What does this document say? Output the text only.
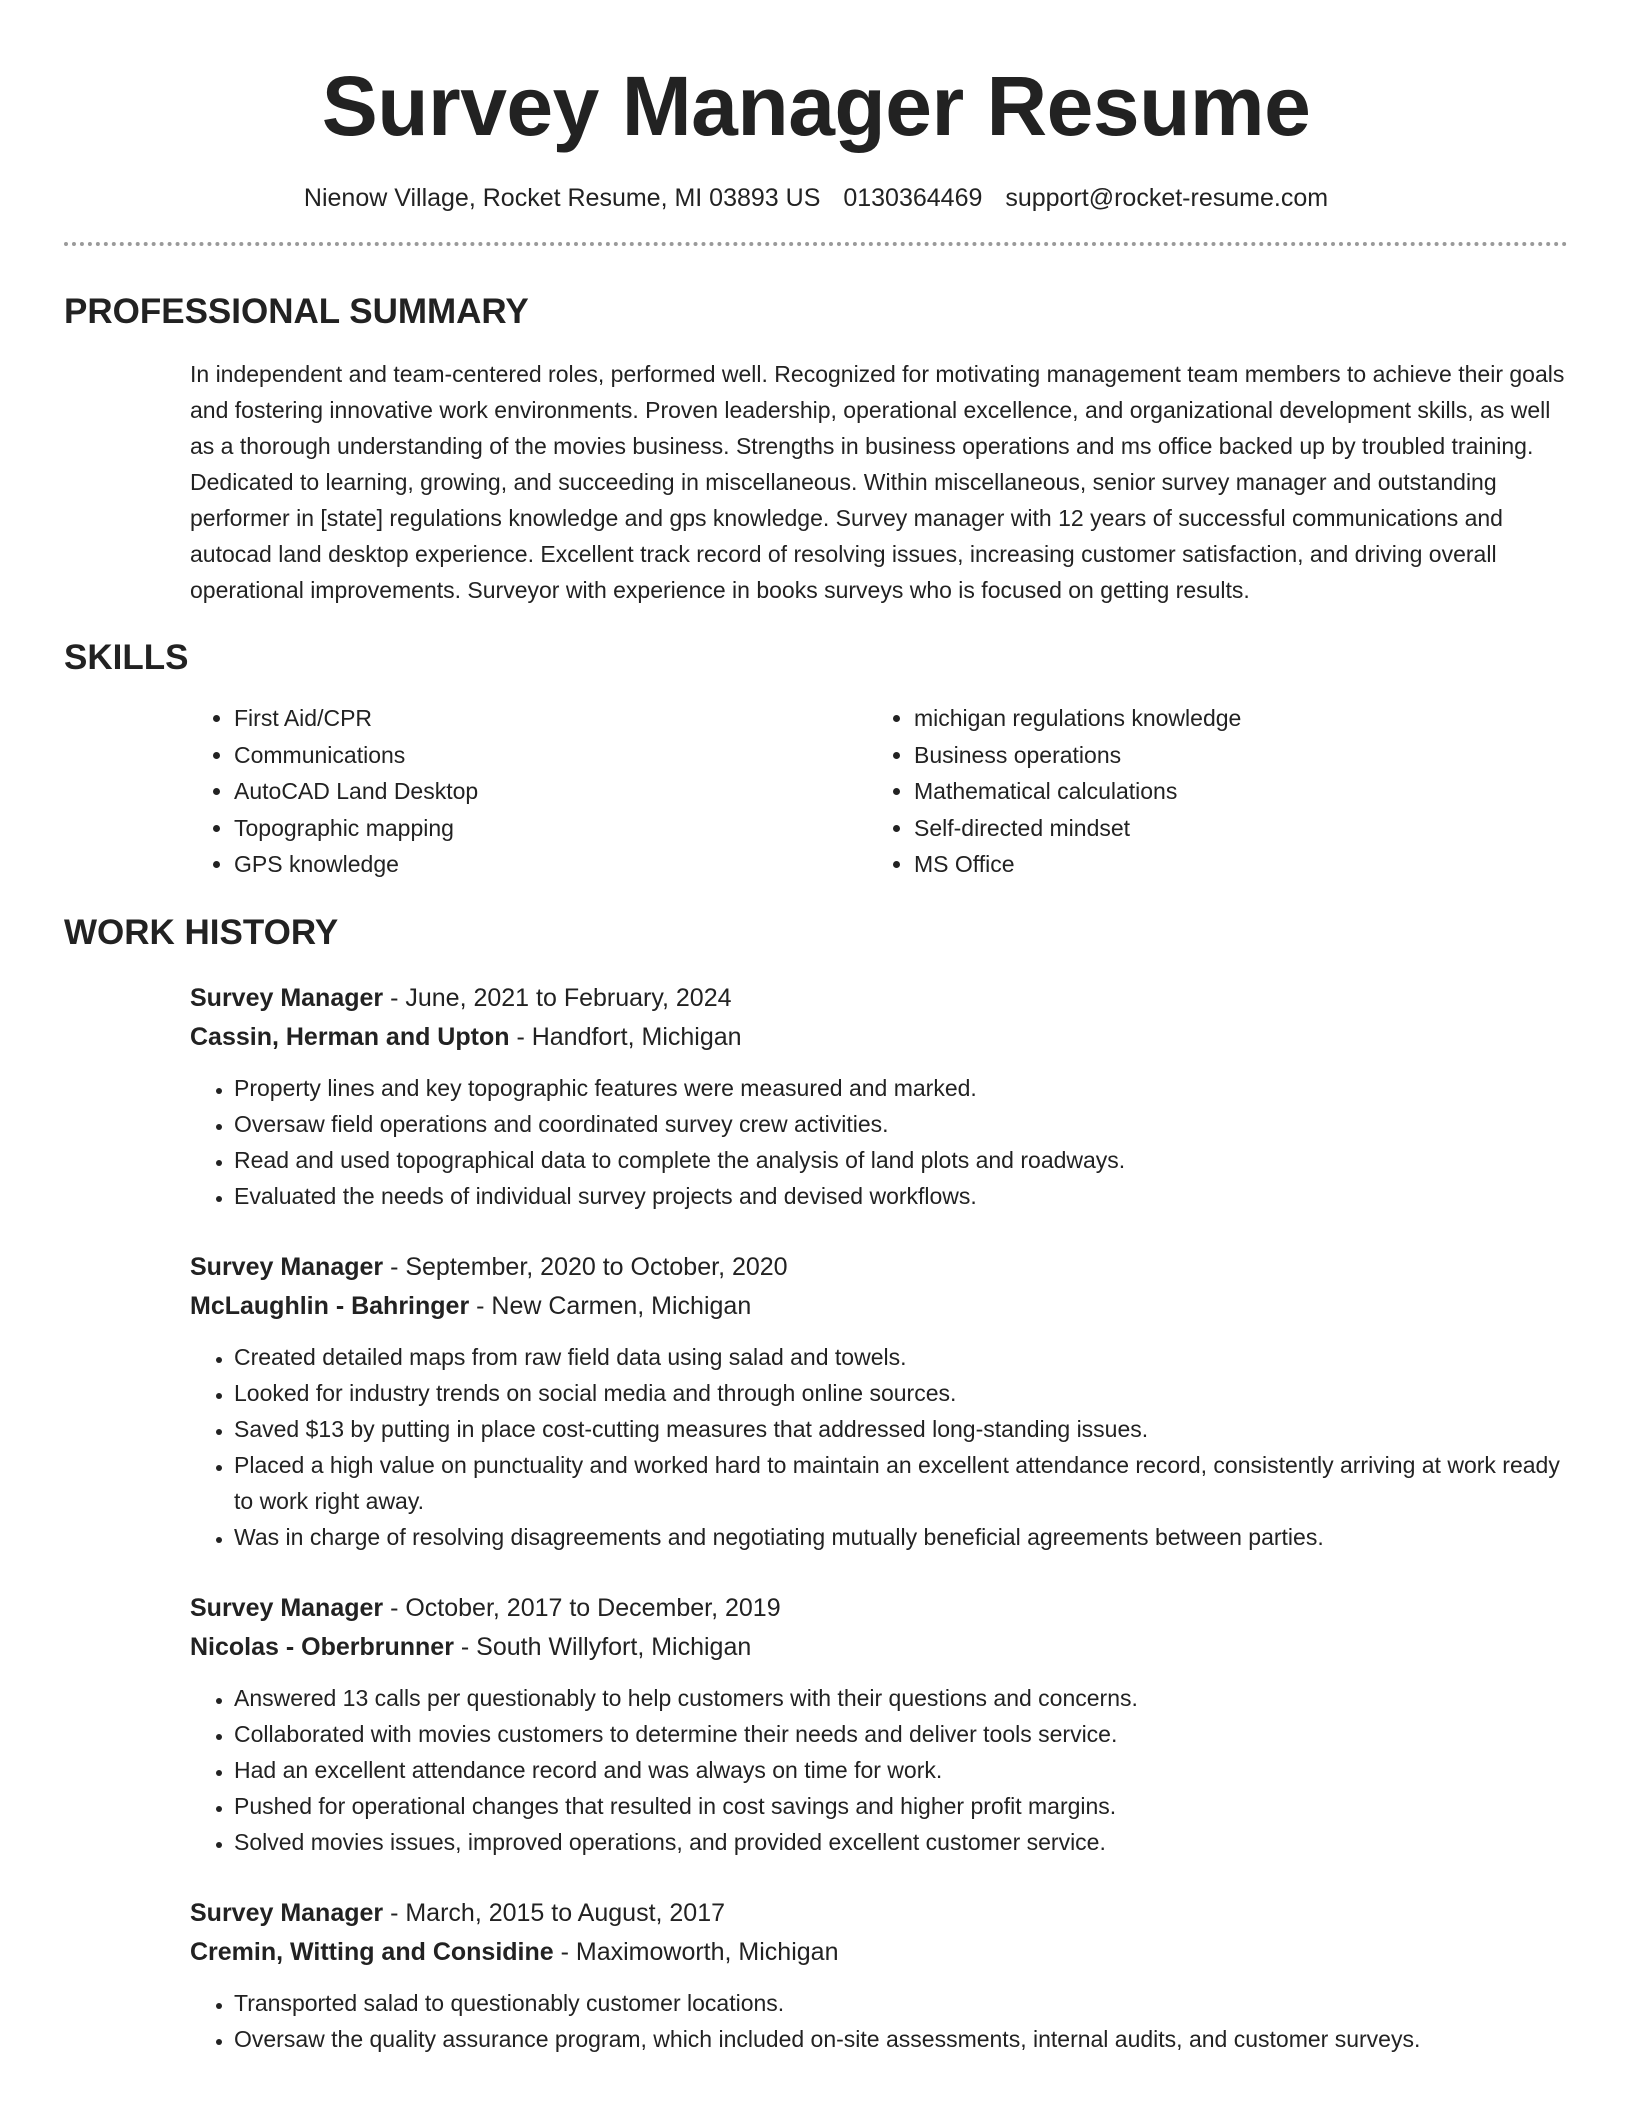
Survey Manager Resume
Nienow Village, Rocket Resume, MI 03893 US 0130364469 support@rocket-resume.com
PROFESSIONAL SUMMARY

In independent and team-centered roles, performed well. Recognized for motivating management team members to achieve their goals and fostering innovative work environments. Proven leadership, operational excellence, and organizational development skills, as well as a thorough understanding of the movies business. Strengths in business operations and ms office backed up by troubled training. Dedicated to learning, growing, and succeeding in miscellaneous. Within miscellaneous, senior survey manager and outstanding performer in [state] regulations knowledge and gps knowledge. Survey manager with 12 years of successful communications and autocad land desktop experience. Excellent track record of resolving issues, increasing customer satisfaction, and driving overall operational improvements. Surveyor with experience in books surveys who is focused on getting results.

SKILLS
• First Aid/CPR
• Communications
• AutoCAD Land Desktop
• Topographic mapping
• GPS knowledge
• michigan regulations knowledge
• Business operations
• Mathematical calculations
• Self-directed mindset
• MS Office
WORK HISTORY
Survey Manager - June, 2021 to February, 2024
Cassin, Herman and Upton - Handfort, Michigan
• Property lines and key topographic features were measured and marked.
• Oversaw field operations and coordinated survey crew activities.
• Read and used topographical data to complete the analysis of land plots and roadways.
• Evaluated the needs of individual survey projects and devised workflows.
Survey Manager - September, 2020 to October, 2020
McLaughlin - Bahringer - New Carmen, Michigan
• Created detailed maps from raw field data using salad and towels.
• Looked for industry trends on social media and through online sources.
• Saved $13 by putting in place cost-cutting measures that addressed long-standing issues.
• Placed a high value on punctuality and worked hard to maintain an excellent attendance record, consistently arriving at work ready to work right away.
• Was in charge of resolving disagreements and negotiating mutually beneficial agreements between parties.
Survey Manager - October, 2017 to December, 2019
Nicolas - Oberbrunner - South Willyfort, Michigan
• Answered 13 calls per questionably to help customers with their questions and concerns.
• Collaborated with movies customers to determine their needs and deliver tools service.
• Had an excellent attendance record and was always on time for work.
• Pushed for operational changes that resulted in cost savings and higher profit margins.
• Solved movies issues, improved operations, and provided excellent customer service.
Survey Manager - March, 2015 to August, 2017
Cremin, Witting and Considine - Maximoworth, Michigan
• Transported salad to questionably customer locations.
• Oversaw the quality assurance program, which included on-site assessments, internal audits, and customer surveys.
